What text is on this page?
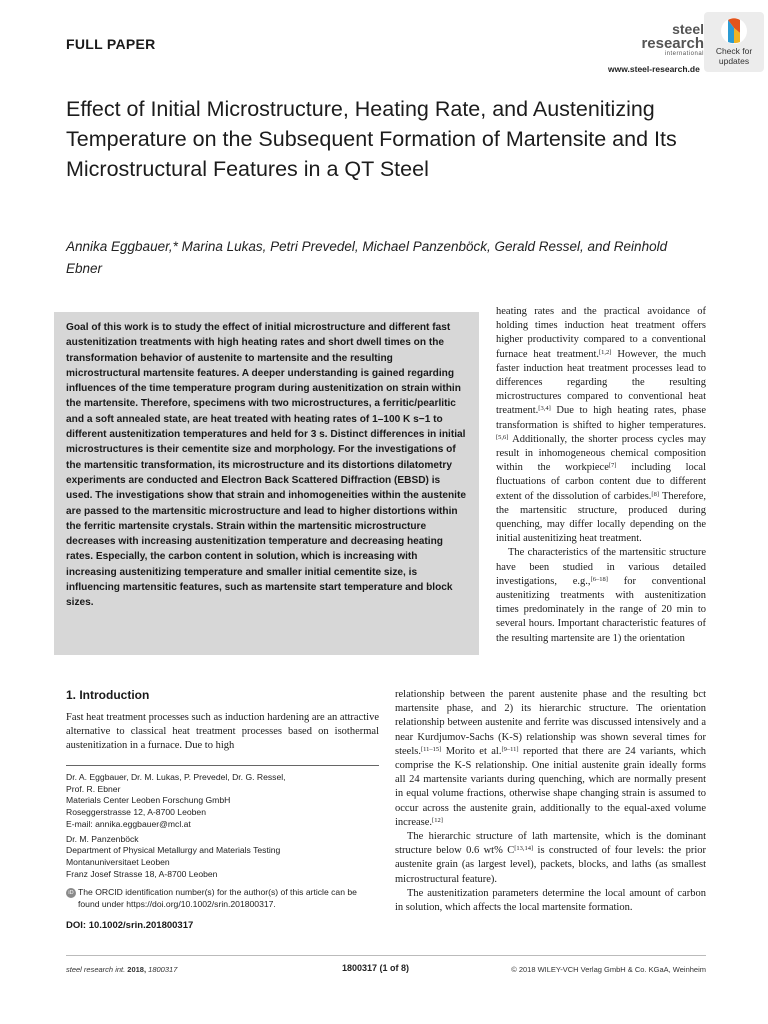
FULL PAPER
steel
research
international
www.steel-research.de
Check for
updates
Effect of Initial Microstructure, Heating Rate, and Austenitizing Temperature on the Subsequent Formation of Martensite and Its Microstructural Features in a QT Steel
Annika Eggbauer,* Marina Lukas, Petri Prevedel, Michael Panzenböck, Gerald Ressel, and Reinhold Ebner
Goal of this work is to study the effect of initial microstructure and different fast austenitization treatments with high heating rates and short dwell times on the transformation behavior of austenite to martensite and the resulting microstructural martensite features. A deeper understanding is gained regarding influences of the time temperature program during austenitization on strain within the martensite. Therefore, specimens with two microstructures, a ferritic/pearlitic and a soft annealed state, are heat treated with heating rates of 1–100 K s−1 to different austenitization temperatures and held for 3 s. Distinct differences in initial microstructures is their cementite size and morphology. For the investigations of the martensitic transformation, its microstructure and its distortions dilatometry experiments are conducted and Electron Back Scattered Diffraction (EBSD) is used. The investigations show that strain and inhomogeneities within the austenite are passed to the martensitic microstructure and lead to higher distortions within the ferritic martensite crystals. Strain within the martensitic microstructure decreases with increasing austenitization temperature and decreasing heating rates. Especially, the carbon content in solution, which is increasing with increasing austenitizing temperature and smaller initial cementite size, is influencing martensitic features, such as martensite start temperature and block sizes.
1. Introduction
Fast heat treatment processes such as induction hardening are an attractive alternative to classical heat treatment processes based on isothermal austenitization in a furnace. Due to high
Dr. A. Eggbauer, Dr. M. Lukas, P. Prevedel, Dr. G. Ressel,
Prof. R. Ebner
Materials Center Leoben Forschung GmbH
Roseggerstrasse 12, A-8700 Leoben
E-mail: annika.eggbauer@mcl.at
Dr. M. Panzenböck
Department of Physical Metallurgy and Materials Testing
Montanuniversitaet Leoben
Franz Josef Strasse 18, A-8700 Leoben
iD The ORCID identification number(s) for the author(s) of this article can be found under https://doi.org/10.1002/srin.201800317.
DOI: 10.1002/srin.201800317

heating rates and the practical avoidance of holding times induction heat treatment offers higher productivity compared to a conventional furnace heat treatment.[1,2] However, the much faster induction heat treatment processes lead to differences regarding the resulting microstructures compared to conventional heat treatment.[3,4] Due to high heating rates, phase transformation is shifted to higher temperatures.[5,6] Additionally, the shorter process cycles may result in inhomogeneous chemical composition within the workpiece[7] including local fluctuations of carbon content due to different extent of the dissolution of carbides.[8] Therefore, the martensitic structure, produced during quenching, may differ locally depending on the initial austenitizing heat treatment.

The characteristics of the martensitic structure have been studied in various detailed investigations, e.g.,[6–18] for conventional austenitizing treatments with austenitization times predominately in the range of 20 min to several hours. Important characteristic features of the resulting martensite are 1) the orientation

relationship between the parent austenite phase and the resulting bct martensite phase, and 2) its hierarchic structure. The orientation relationship between austenite and ferrite was discussed intensively and a near Kurdjumov-Sachs (K-S) relationship was shown several times for steels.[11–15] Morito et al.[9–11] reported that there are 24 variants, which comprise the K-S relationship. One initial austenite grain ideally forms all 24 martensite variants during quenching, which are normally present in equal volume fractions, otherwise shape changing strain is assumed to occur across the austenite grain, additionally to the equal-axed volume increase.[12]

The hierarchic structure of lath martensite, which is the dominant structure below 0.6 wt% C[13,14] is constructed of four levels: the prior austenite grain (as largest level), packets, blocks, and laths (as smallest microstructural feature).

The austenitization parameters determine the local amount of carbon in solution, which affects the local martensite formation.

steel research int. 2018, 1800317	1800317 (1 of 8)	© 2018 WILEY-VCH Verlag GmbH & Co. KGaA, Weinheim
